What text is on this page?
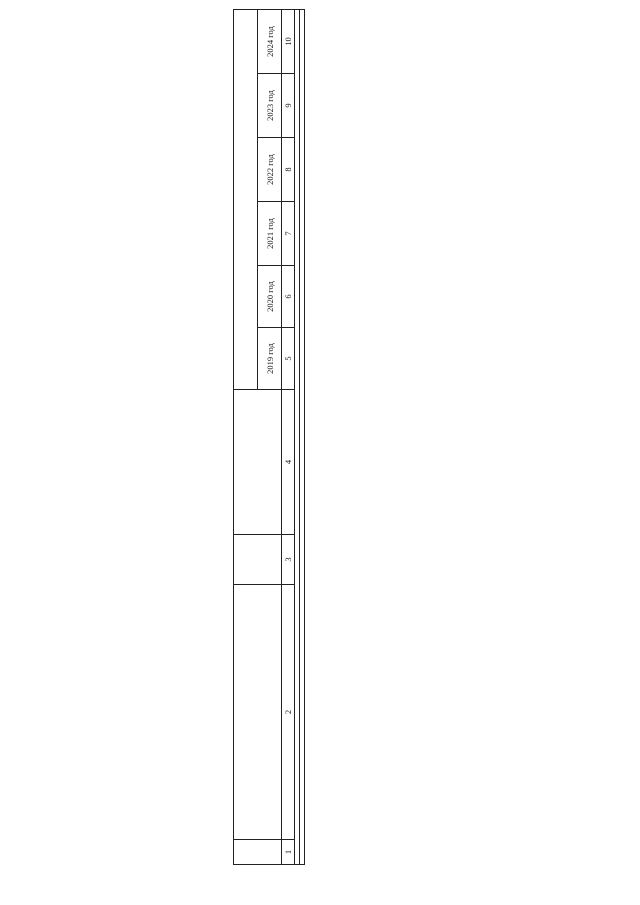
				2019 год	2020 год	2021 год	2022 год	2023 год	2024 год
1	2	3	4	5	6	7	8	9	10
